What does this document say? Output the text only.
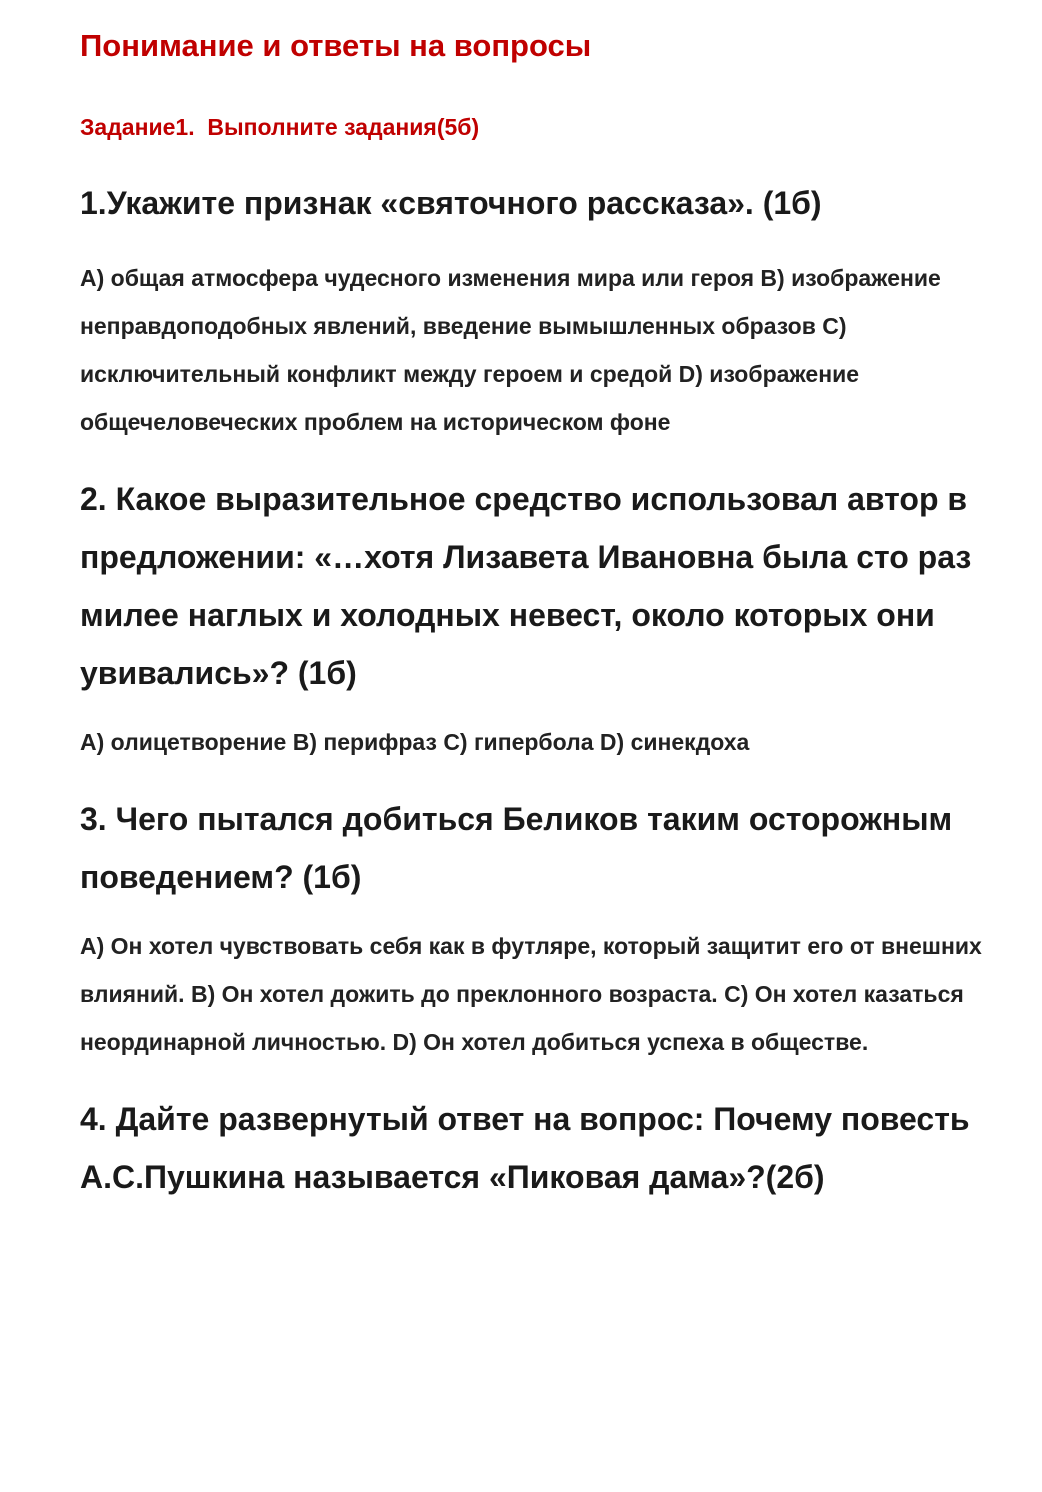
Понимание и ответы на вопросы
Задание1.  Выполните задания(5б)
1.Укажите признак «святочного рассказа». (1б)
А) общая атмосфера чудесного изменения мира или героя B) изображение неправдоподобных явлений, введение вымышленных образов C) исключительный конфликт между героем и средой D) изображение общечеловеческих проблем на историческом фоне
2. Какое выразительное средство использовал автор в предложении: «…хотя Лизавета Ивановна была сто раз милее наглых и холодных невест, около которых они увивались»? (1б)
А) олицетворение B) перифраз C) гипербола D) синекдоха
3. Чего пытался добиться Беликов таким осторожным поведением? (1б)
А) Он хотел чувствовать себя как в футляре, который защитит его от внешних влияний. B) Он хотел дожить до преклонного возраста. C) Он хотел казаться неординарной личностью. D) Он хотел добиться успеха в обществе.
4. Дайте развернутый ответ на вопрос: Почему повесть А.С.Пушкина называется «Пиковая дама»?(2б)
